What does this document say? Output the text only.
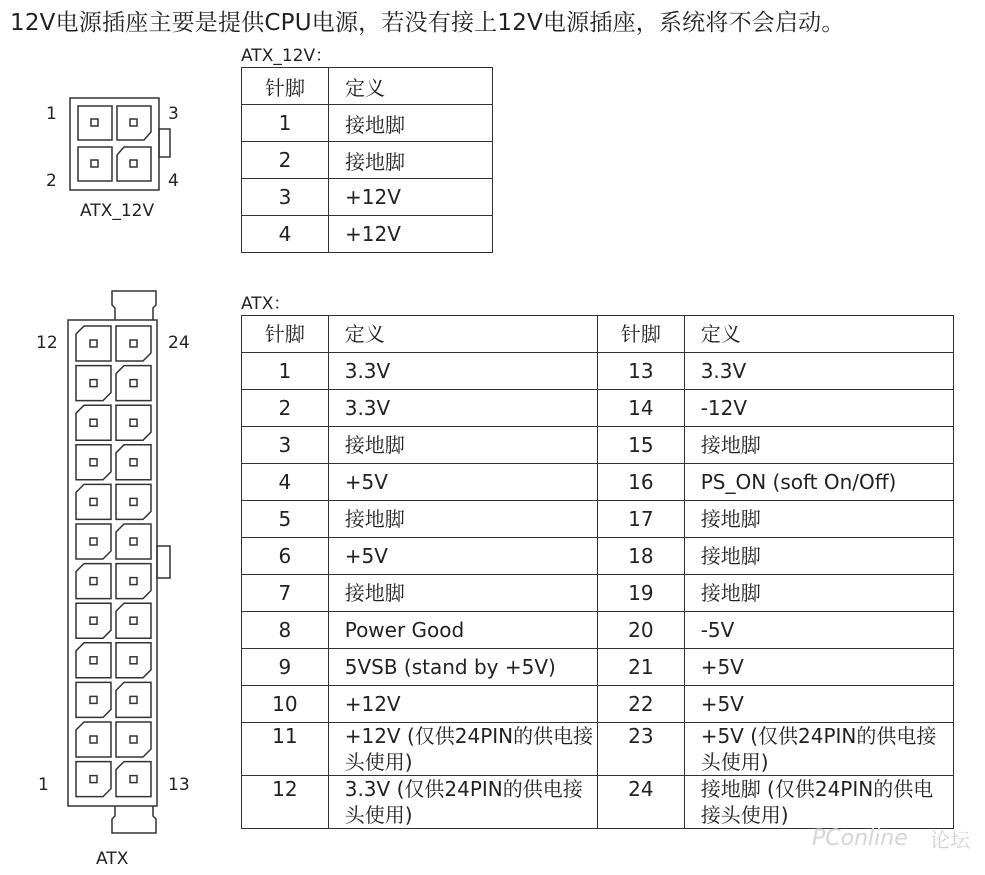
12V电源插座主要是提供CPU电源，若没有接上12V电源插座，系统将不会启动。
1
2
3
4
ATX_12V
12	24
1	13
ATX
ATX_12V：
针脚	定义
1	接地脚
2	接地脚
3	+12V
4	+12V
ATX：
针脚	定义	针脚	定义
1	3.3V	13	3.3V
2	3.3V	14	-12V
3	接地脚	15	接地脚
4	+5V	16	PS_ON (soft On/Off)
5	接地脚	17	接地脚
6	+5V	18	接地脚
7	接地脚	19	接地脚
8	Power Good	20	-5V
9	5VSB (stand by +5V)	21	+5V
10	+12V	22	+5V
11	+12V (仅供24PIN的供电接头使用)	23	+5V (仅供24PIN的供电接头使用)
12	3.3V (仅供24PIN的供电接头使用)	24	接地脚 (仅供24PIN的供电接头使用)
PConline 论坛
